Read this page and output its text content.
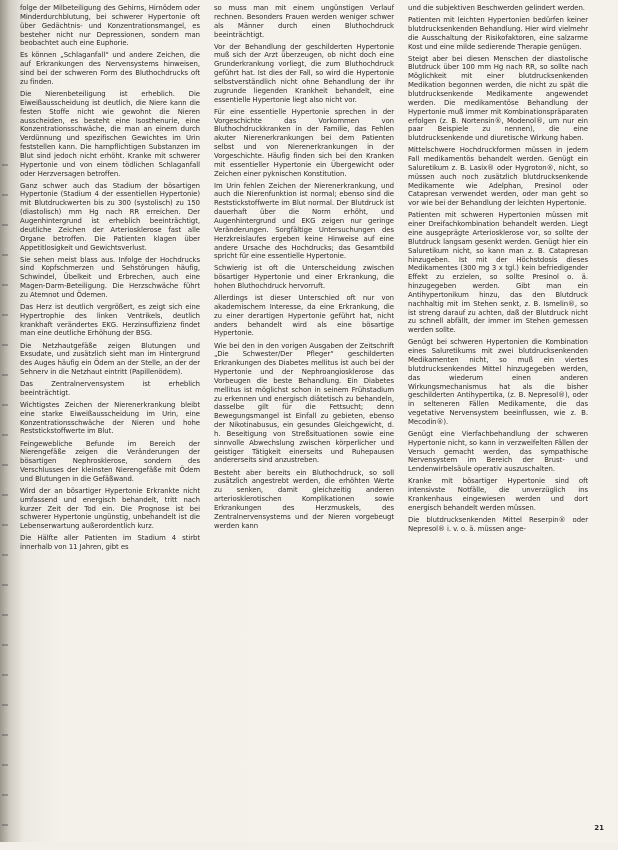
folge der Milbeteiligung des Gehirns, Hirnödem oder Minderdurchblutung, bei schwerer Hypertonie oft über Gedächtnis- und Konzentrationsmangel, es besteher nicht nur Depressionen, sondern man beobachtet auch eine Euphorie.

Es können „Schlaganfall“ und andere Zeichen, die auf Erkrankungen des Nervensystems hinweisen, sind bei der schweren Form des Bluthochdrucks oft zu finden.

Die Nierenbeteiligung ist erheblich. Die Eiweißausscheidung ist deutlich, die Niere kann die festen Stoffe nicht wie gewohnt die Nieren ausscheiden, es besteht eine Isosthenurie, eine Konzentrationsschwäche, die man an einem durch Verdünnung und spezifischen Gewichtes im Urin feststellen kann. Die harnpflichtigen Substanzen im Blut sind jedoch nicht erhöht. Kranke mit schwerer Hypertonie und von einem tödlichen Schlaganfall oder Herzversagen betroffen.

Ganz schwer auch das Stadium der bösartigen Hypertonie (Stadium 4 der essentiellen Hypertonie) mit Blutdruckwerten bis zu 300 (systolisch) zu 150 (diastolisch) mm Hg nach RR erreichen. Der Augenhintergrund ist erheblich beeinträchtigt, deutliche Zeichen der Arteriosklerose fast alle Organe betroffen. Die Patienten klagen über Appetitlosigkeit und Gewichtsverlust.

Sie sehen meist blass aus. Infolge der Hochdrucks sind Kopfschmerzen und Sehstörungen häufig, Schwindel, Übelkeit und Erbrechen, auch eine Magen-Darm-Beteiligung. Die Herzschwäche führt zu Atemnot und Ödemen.

Das Herz ist deutlich vergrößert, es zeigt sich eine Hypertrophie des linken Ventrikels, deutlich krankhaft verändertes EKG. Herzinsuffizienz findet man eine deutliche Erhöhung der BSG.

Die Netzhautgefäße zeigen Blutungen und Exsudate, und zusätzlich sieht man im Hintergrund des Auges häufig ein Ödem an der Stelle, an der der Sehnerv in die Netzhaut eintritt (Papillenödem).

Das Zentralnervensystem ist erheblich beeinträchtigt.

Wichtigstes Zeichen der Nierenerkrankung bleibt eine starke Eiweißausscheidung im Urin, eine Konzentrationsschwäche der Nieren und hohe Reststickstoffwerte im Blut.

Feingewebliche Befunde im Bereich der Nierengefäße zeigen die Veränderungen der bösartigen Nephrosklerose, sondern des Verschlusses der kleinsten Nierengefäße mit Ödem und Blutungen in die Gefäßwand.

Wird der an bösartiger Hypertonie Erkrankte nicht umfassend und energisch behandelt, tritt nach kurzer Zeit der Tod ein. Die Prognose ist bei schwerer Hypertonie ungünstig, unbehandelt ist die Lebenserwartung außerordentlich kurz.

Die Hälfte aller Patienten im Stadium 4 stirbt innerhalb von 11 Jahren, gibt es

so muss man mit einem ungünstigen Verlauf rechnen. Besonders Frauen werden weniger schwer als Männer durch einen Bluthochdruck beeinträchtigt.

Vor der Behandlung der geschilderten Hypertonie muß sich der Arzt überzeugen, ob nicht doch eine Grunderkrankung vorliegt, die zum Bluthochdruck geführt hat. Ist dies der Fall, so wird die Hypertonie selbstverständlich nicht ohne Behandlung der ihr zugrunde liegenden Krankheit behandelt, eine essentielle Hypertonie liegt also nicht vor.

Für eine essentielle Hypertonie sprechen in der Vorgeschichte das Vorkommen von Bluthochdruckkranken in der Familie, das Fehlen akuter Nierenerkrankungen bei dem Patienten selbst und von Nierenerkrankungen in der Vorgeschichte. Häufig finden sich bei den Kranken mit essentieller Hypertonie ein Übergewicht oder Zeichen einer pyknischen Konstitution.

Im Urin fehlen Zeichen der Nierenerkrankung, und auch die Nierenfunktion ist normal; ebenso sind die Reststickstoffwerte im Blut normal. Der Blutdruck ist dauerhaft über die Norm erhöht, und Augenhintergrund und EKG zeigen nur geringe Veränderungen. Sorgfältige Untersuchungen des Herzkreislaufes ergeben keine Hinweise auf eine andere Ursache des Hochdrucks; das Gesamtbild spricht für eine essentielle Hypertonie.

Schwierig ist oft die Unterscheidung zwischen bösartiger Hypertonie und einer Erkrankung, die hohen Bluthochdruck hervorruft.

Allerdings ist dieser Unterschied oft nur von akademischem Interesse, da eine Erkrankung, die zu einer derartigen Hypertonie geführt hat, nicht anders behandelt wird als eine bösartige Hypertonie.

Wie bei den in den vorigen Ausgaben der Zeitschrift „Die Schwester/Der Pfleger“ geschilderten Erkrankungen des Diabetes mellitus ist auch bei der Hypertonie und der Nephroangiosklerose das Vorbeugen die beste Behandlung. Ein Diabetes mellitus ist möglichst schon in seinem Frühstadium zu erkennen und energisch diätetisch zu behandeln, dasselbe gilt für die Fettsucht; denn Bewegungsmangel ist Einfall zu gebieten, ebenso der Nikotinabusus, ein gesundes Gleichgewicht, d. h. Beseitigung von Streßsituationen sowie eine sinnvolle Abwechslung zwischen körperlicher und geistiger Tätigkeit einerseits und Ruhepausen andererseits sind anzustreben.

Besteht aber bereits ein Bluthochdruck, so soll zusätzlich angestrebt werden, die erhöhten Werte zu senken, damit gleichzeitig anderen arteriosklerotischen Komplikationen sowie Erkrankungen des Herzmuskels, des Zentralnervensystems und der Nieren vorgebeugt werden kann

und die subjektiven Beschwerden gelindert werden.

Patienten mit leichten Hypertonien bedürfen keiner blutdrucksenkenden Behandlung. Hier wird vielmehr die Ausschaltung der Risikofaktoren, eine salzarme Kost und eine milde sedierende Therapie genügen.

Steigt aber bei diesen Menschen der diastolische Blutdruck über 100 mm Hg nach RR, so sollte nach Möglichkeit mit einer blutdrucksenkenden Medikation begonnen werden, die nicht zu spät die blutdrucksenkende Medikamente angewendet werden. Die medikamentöse Behandlung der Hypertonie muß immer mit Kombinationspräparaten erfolgen (z. B. Nortensin®, Modenol®, um nur ein paar Beispiele zu nennen), die eine blutdrucksenkende und diuretische Wirkung haben.

Mittelschwere Hochdruckformen müssen in jedem Fall medikamentös behandelt werden. Genügt ein Saluretikum z. B. Lasix® oder Hygroton®, nicht, so müssen auch noch zusätzlich blutdrucksenkende Medikamente wie Adelphan, Presinol oder Catapresan verwendet werden, oder man geht so vor wie bei der Behandlung der leichten Hypertonie.

Patienten mit schweren Hypertonien müssen mit einer Dreifachkombination behandelt werden. Liegt eine ausgeprägte Arteriosklerose vor, so sollte der Blutdruck langsam gesenkt werden. Genügt hier ein Saluretikum nicht, so kann man z. B. Catapresan hinzugeben. Ist mit der Höchstdosis dieses Medikamentes (300 mg 3 x tgl.) kein befriedigender Effekt zu erzielen, so sollte Presinol o. ä. hinzugegeben werden. Gibt man ein Antihypertonikum hinzu, das den Blutdruck nachhaltig mit im Stehen senkt, z. B. Ismelin®, so ist streng darauf zu achten, daß der Blutdruck nicht zu schnell abfällt, der immer im Stehen gemessen werden sollte.

Genügt bei schweren Hypertonien die Kombination eines Saluretikums mit zwei blutdrucksenkenden Medikamenten nicht, so muß ein viertes blutdrucksenkendes Mittel hinzugegeben werden, das wiederum einen anderen Wirkungsmechanismus hat als die bisher geschilderten Antihypertika, (z. B. Nepresol®), oder in selteneren Fällen Medikamente, die das vegetative Nervensystem beeinflussen, wie z. B. Mecodin®).

Genügt eine Vierfachbehandlung der schweren Hypertonie nicht, so kann in verzweifelten Fällen der Versuch gemacht werden, das sympathische Nervensystem im Bereich der Brust- und Lendenwirbelsäule operativ auszuschalten.

Kranke mit bösartiger Hypertonie sind oft intensivste Notfälle, die unverzüglich ins Krankenhaus eingewiesen werden und dort energisch behandelt werden müssen.

Die blutdrucksenkenden Mittel Reserpin® oder Nepresol® i. v. o. ä. müssen ange-

21
